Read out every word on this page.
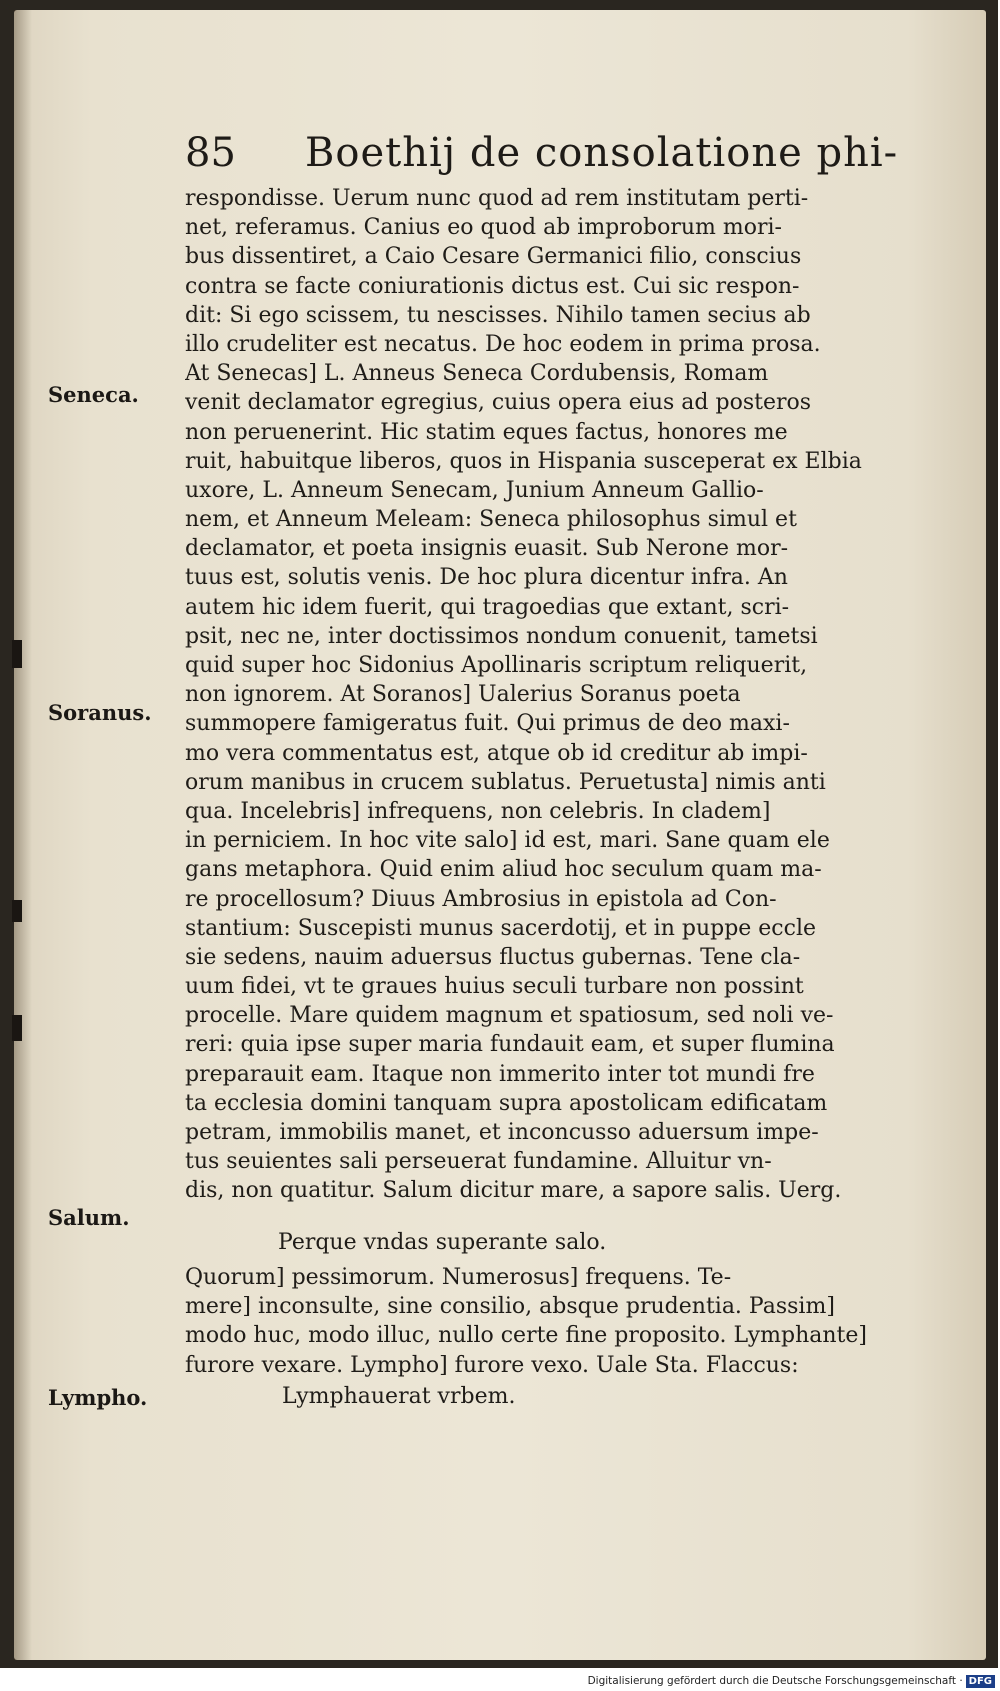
85 Boethij de consolatione phi-
respondisse. Uerum nunc quod ad rem institutam perti-
net, referamus. Canius eo quod ab improborum mori-
bus dissentiret, a Caio Cesare Germanici filio, conscius
contra se facte coniurationis dictus est. Cui sic respon-
dit: Si ego scissem, tu nescisses. Nihilo tamen secius ab
illo crudeliter est necatus. De hoc eodem in prima prosa.
At Senecas] L. Anneus Seneca Cordubensis, Romam
venit declamator egregius, cuius opera eius ad posteros
non peruenerint. Hic statim eques factus, honores me
ruit, habuitque liberos, quos in Hispania susceperat ex Elbia
uxore, L. Anneum Senecam, Junium Anneum Gallio-
nem, et Anneum Meleam: Seneca philosophus simul et
declamator, et poeta insignis euasit. Sub Nerone mor-
tuus est, solutis venis. De hoc plura dicentur infra. An
autem hic idem fuerit, qui tragoedias que extant, scri-
psit, nec ne, inter doctissimos nondum conuenit, tametsi
quid super hoc Sidonius Apollinaris scriptum reliquerit,
non ignorem. At Soranos] Ualerius Soranus poeta
summopere famigeratus fuit. Qui primus de deo maxi-
mo vera commentatus est, atque ob id creditur ab impi-
orum manibus in crucem sublatus. Peruetusta] nimis anti
qua. Incelebris] infrequens, non celebris. In cladem]
in perniciem. In hoc vite salo] id est, mari. Sane quam ele
gans metaphora. Quid enim aliud hoc seculum quam ma-
re procellosum? Diuus Ambrosius in epistola ad Con-
stantium: Suscepisti munus sacerdotij, et in puppe eccle
sie sedens, nauim aduersus fluctus gubernas. Tene cla-
uum fidei, vt te graues huius seculi turbare non possint
procelle. Mare quidem magnum et spatiosum, sed noli ve-
reri: quia ipse super maria fundauit eam, et super flumina
preparauit eam. Itaque non immerito inter tot mundi fre
ta ecclesia domini tanquam supra apostolicam edificatam
petram, immobilis manet, et inconcusso aduersum impe-
tus seuientes sali perseuerat fundamine. Alluitur vn-
dis, non quatitur. Salum dicitur mare, a sapore salis. Uerg.
Perque vndas superante salo.
Quorum] pessimorum. Numerosus] frequens. Te-
mere] inconsulte, sine consilio, absque prudentia. Passim]
modo huc, modo illuc, nullo certe fine proposito. Lymphante]
furore vexare. Lympho] furore vexo. Uale Sta. Flaccus:
Lymphauerat vrbem.
Seneca.
Soranus.
Salum.
Lympho.
Digitalisierung gefördert durch die Deutsche Forschungsgemeinschaft · DFG
